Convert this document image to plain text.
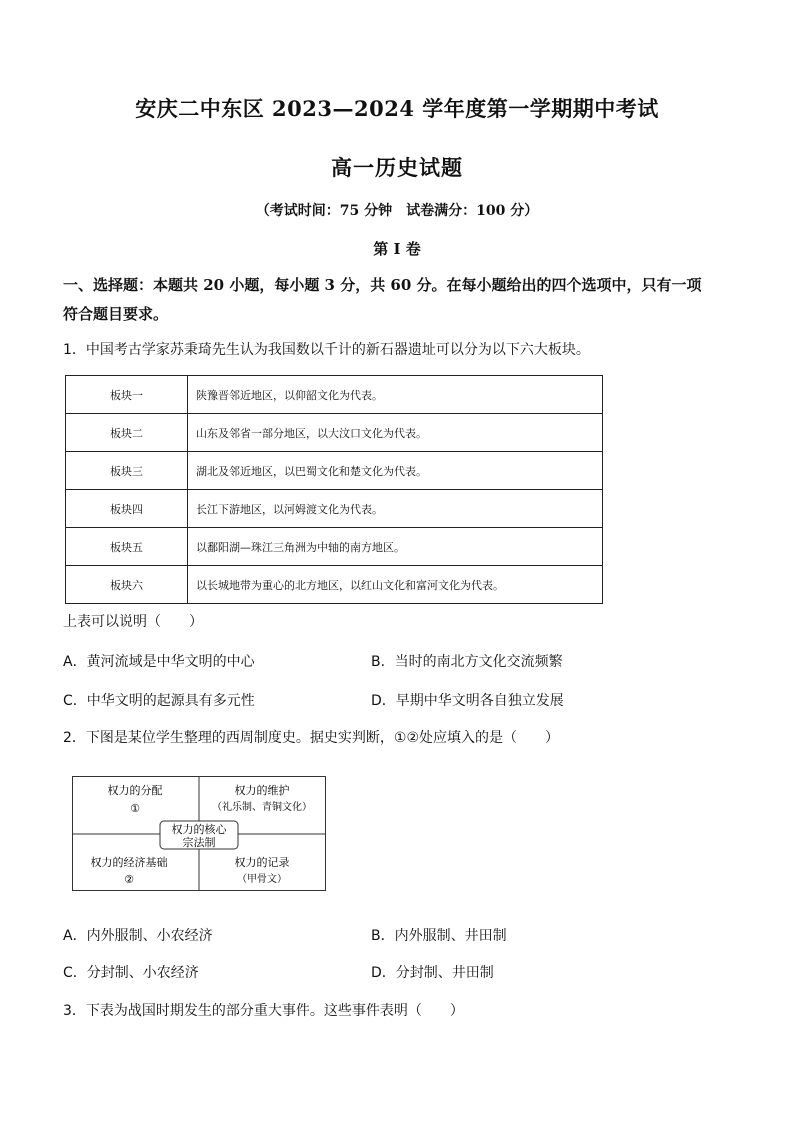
安庆二中东区 2023—2024 学年度第一学期期中考试
高一历史试题
（考试时间：75 分钟　试卷满分：100 分）
第 I 卷
一、选择题：本题共 20 小题，每小题 3 分，共 60 分。在每小题给出的四个选项中，只有一项
符合题目要求。
1．中国考古学家苏秉琦先生认为我国数以千计的新石器遗址可以分为以下六大板块。
板块一	陕豫晋邻近地区，以仰韶文化为代表。
板块二	山东及邻省一部分地区，以大汶口文化为代表。
板块三	湖北及邻近地区，以巴蜀文化和楚文化为代表。
板块四	长江下游地区，以河姆渡文化为代表。
板块五	以鄱阳湖—珠江三角洲为中轴的南方地区。
板块六	以长城地带为重心的北方地区，以红山文化和富河文化为代表。
上表可以说明（　　）
A．黄河流域是中华文明的中心	B．当时的南北方文化交流频繁
C．中华文明的起源具有多元性	D．早期中华文明各自独立发展
2．下图是某位学生整理的西周制度史。据史实判断，①②处应填入的是（　　）
权力的分配
①
权力的维护
（礼乐制、青铜文化）
权力的核心
宗法制
权力的经济基础
②
权力的记录
（甲骨文）
A．内外服制、小农经济	B．内外服制、井田制
C．分封制、小农经济	D．分封制、井田制
3．下表为战国时期发生的部分重大事件。这些事件表明（　　）
